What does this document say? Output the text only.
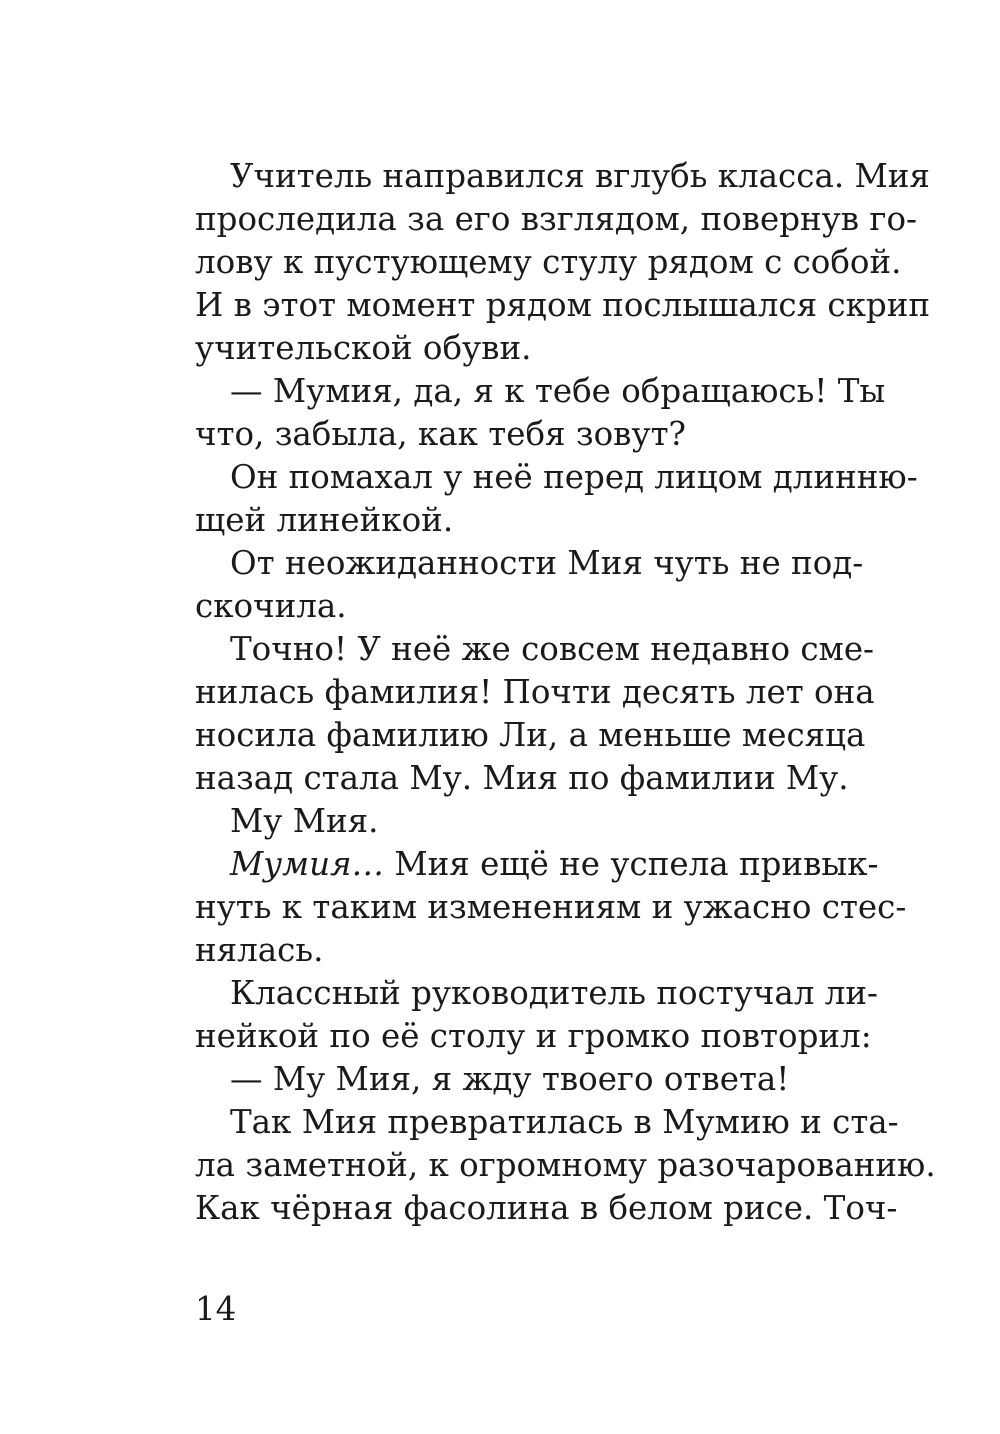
Учитель направился вглубь класса. Мия
проследила за его взглядом, повернув го-
лову к пустующему стулу рядом с собой.
И в этот момент рядом послышался скрип
учительской обуви.
— Мумия, да, я к тебе обращаюсь! Ты
что, забыла, как тебя зовут?
Он помахал у неё перед лицом длинню-
щей линейкой.
От неожиданности Мия чуть не под-
скочила.
Точно! У неё же совсем недавно сме-
нилась фамилия! Почти десять лет она
носила фамилию Ли, а меньше месяца
назад стала Му. Мия по фамилии Му.
Му Мия.
Мумия… Мия ещё не успела привык-
нуть к таким изменениям и ужасно стес-
нялась.
Классный руководитель постучал ли-
нейкой по её столу и громко повторил:
— Му Мия, я жду твоего ответа!
Так Мия превратилась в Мумию и ста-
ла заметной, к огромному разочарованию.
Как чёрная фасолина в белом рисе. Точ-
14
